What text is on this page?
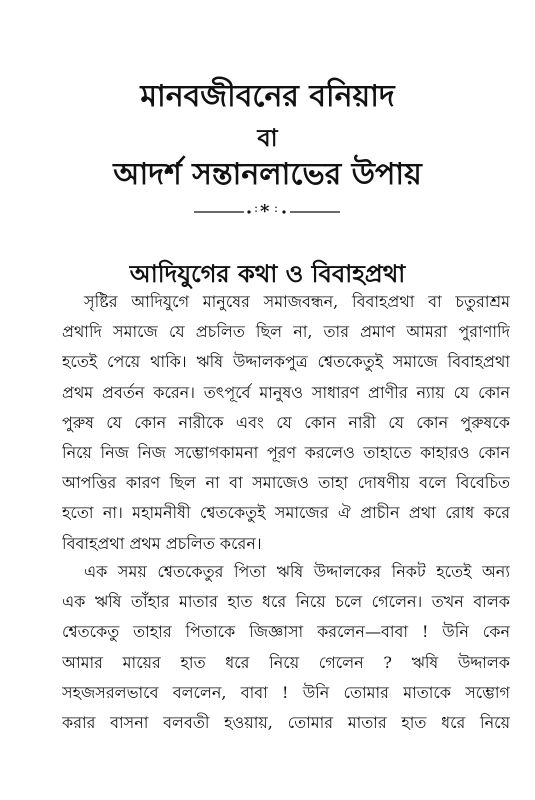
মানবজীবনের বনিয়াদ
বা
আদর্শ সন্তানলাভের উপায়
: * :
আদিযুগের কথা ও বিবাহপ্রথা
সৃষ্টির আদিযুগে মানুষের সমাজবন্ধন, বিবাহপ্রথা বা চতুরাশ্রম
প্রথাদি সমাজে যে প্রচলিত ছিল না, তার প্রমাণ আমরা পুরাণাদি
হতেই পেয়ে থাকি। ঋষি উদ্দালকপুত্র শ্বেতকেতুই সমাজে বিবাহপ্রথা
প্রথম প্রবর্তন করেন। তৎপূর্বে মানুষও সাধারণ প্রাণীর ন্যায় যে কোন
পুরুষ যে কোন নারীকে এবং যে কোন নারী যে কোন পুরুষকে
নিয়ে নিজ নিজ সম্ভোগকামনা পূরণ করলেও তাহাতে কাহারও কোন
আপত্তির কারণ ছিল না বা সমাজেও তাহা দোষণীয় বলে বিবেচিত
হতো না। মহামনীষী শ্বেতকেতুই সমাজের ঐ প্রাচীন প্রথা রোধ করে
বিবাহপ্রথা প্রথম প্রচলিত করেন।
এক সময় শ্বেতকেতুর পিতা ঋষি উদ্দালকের নিকট হতেই অন্য
এক ঋষি তাঁহার মাতার হাত ধরে নিয়ে চলে গেলেন। তখন বালক
শ্বেতকেতু তাহার পিতাকে জিজ্ঞাসা করলেন—বাবা ! উনি কেন
আমার মায়ের হাত ধরে নিয়ে গেলেন ? ঋষি উদ্দালক
সহজসরলভাবে বললেন, বাবা ! উনি তোমার মাতাকে সম্ভোগ
করার বাসনা বলবতী হওয়ায়, তোমার মাতার হাত ধরে নিয়ে
